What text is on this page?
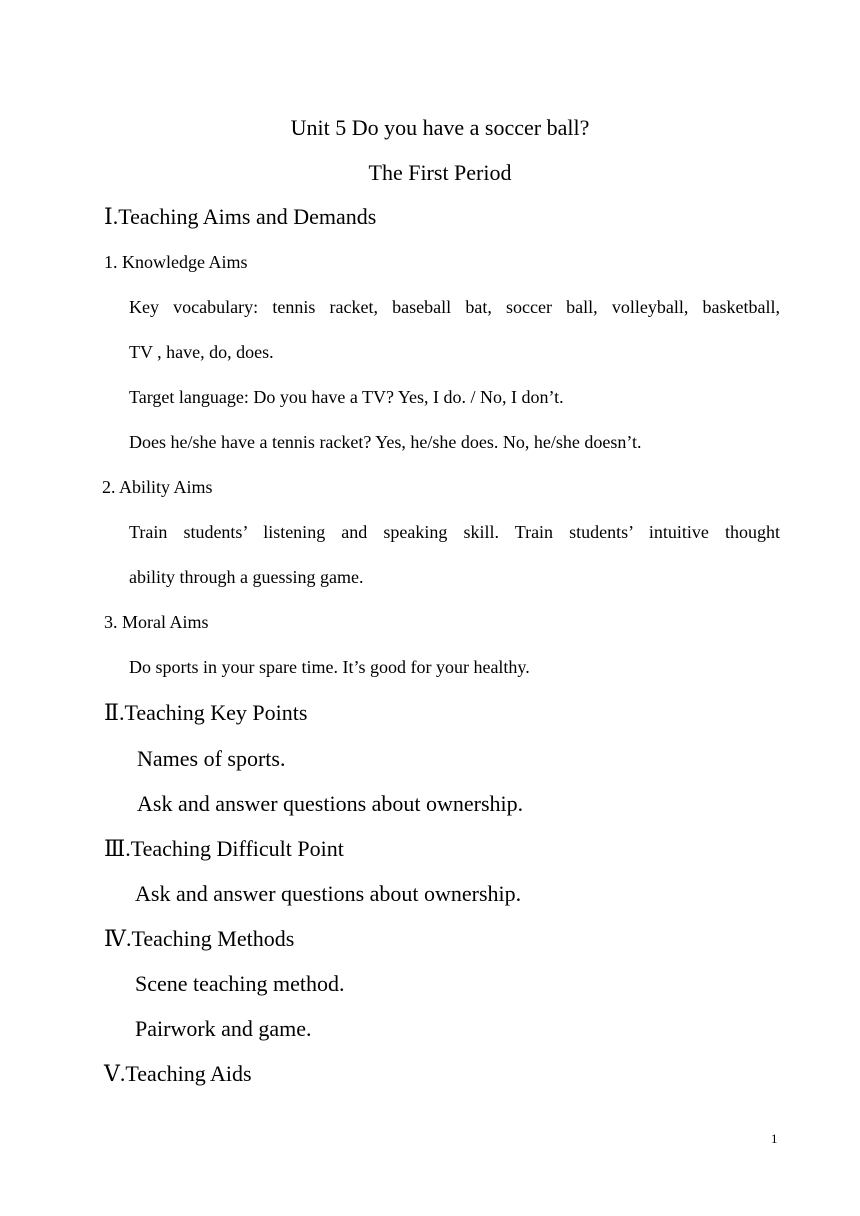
Unit 5 Do you have a soccer ball?
The First Period
Ⅰ.Teaching Aims and Demands
1. Knowledge Aims
Key vocabulary: tennis racket, baseball bat, soccer ball, volleyball, basketball,
TV , have, do, does.
Target language: Do you have a TV? Yes, I do. / No, I don’t.
Does he/she have a tennis racket? Yes, he/she does. No, he/she doesn’t.
2. Ability Aims
Train students’ listening and speaking skill. Train students’ intuitive thought
ability through a guessing game.
3. Moral Aims
Do sports in your spare time. It’s good for your healthy.
Ⅱ.Teaching Key Points
Names of sports.
Ask and answer questions about ownership.
Ⅲ.Teaching Difficult Point
Ask and answer questions about ownership.
Ⅳ.Teaching Methods
Scene teaching method.
Pairwork and game.
Ⅴ.Teaching Aids
1
